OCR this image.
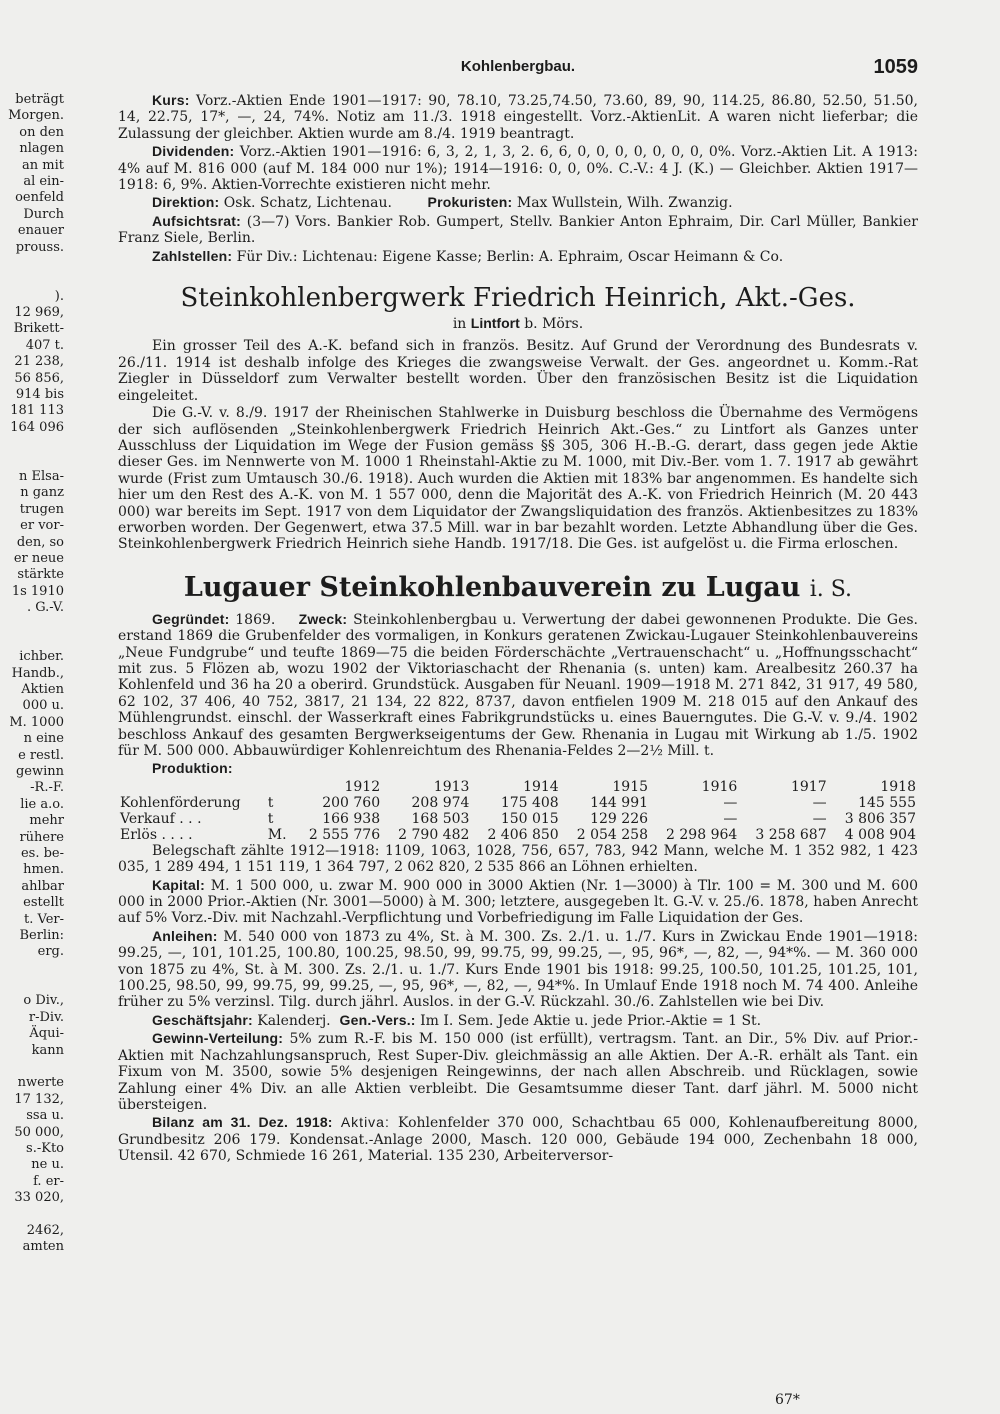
Kohlenbergbau.	1059
beträgt
Morgen.
on den
nlagen
an mit
al ein-
oenfeld
Durch
enauer
prouss.
).
12 969,
Brikett-
407 t.
21 238,
56 856,
914 bis
181 113
164 096
n Elsa-
n ganz
trugen
er vor-
den, so
er neue
stärkte
1s 1910
. G.-V.
ichber.
Handb.,
Aktien
000 u.
M. 1000
n eine
e restl.
gewinn
-R.-F.
lie a.o.
mehr
rühere
es. be-
hmen.
ahlbar
estellt
t. Ver-
Berlin:
erg.
o Div.,
r-Div.
Äqui-
kann
nwerte
17 132,
ssa u.
50 000,
s.-Kto
ne u.
f. er-
33 020,
2462,
amten

Kurs: Vorz.-Aktien Ende 1901—1917: 90, 78.10, 73.25,74.50, 73.60, 89, 90, 114.25, 86.80, 52.50, 51.50, 14, 22.75, 17*, —, 24, 74%. Notiz am 11./3. 1918 eingestellt. Vorz.-AktienLit. A waren nicht lieferbar; die Zulassung der gleichber. Aktien wurde am 8./4. 1919 beantragt.

Dividenden: Vorz.-Aktien 1901—1916: 6, 3, 2, 1, 3, 2. 6, 6, 0, 0, 0, 0, 0, 0, 0, 0%. Vorz.-Aktien Lit. A 1913: 4% auf M. 816 000 (auf M. 184 000 nur 1%); 1914—1916: 0, 0, 0%. C.-V.: 4 J. (K.) — Gleichber. Aktien 1917—1918: 6, 9%. Aktien-Vorrechte existieren nicht mehr.

Direktion: Osk. Schatz, Lichtenau.	Prokuristen: Max Wullstein, Wilh. Zwanzig.

Aufsichtsrat: (3—7) Vors. Bankier Rob. Gumpert, Stellv. Bankier Anton Ephraim, Dir. Carl Müller, Bankier Franz Siele, Berlin.

Zahlstellen: Für Div.: Lichtenau: Eigene Kasse; Berlin: A. Ephraim, Oscar Heimann & Co.

Steinkohlenbergwerk Friedrich Heinrich, Akt.-Ges.
in Lintfort b. Mörs.

Ein grosser Teil des A.-K. befand sich in französ. Besitz. Auf Grund der Verordnung des Bundesrats v. 26./11. 1914 ist deshalb infolge des Krieges die zwangsweise Verwalt. der Ges. angeordnet u. Komm.-Rat Ziegler in Düsseldorf zum Verwalter bestellt worden. Über den französischen Besitz ist die Liquidation eingeleitet.

Die G.-V. v. 8./9. 1917 der Rheinischen Stahlwerke in Duisburg beschloss die Übernahme des Vermögens der sich auflösenden „Steinkohlenbergwerk Friedrich Heinrich Akt.-Ges.“ zu Lintfort als Ganzes unter Ausschluss der Liquidation im Wege der Fusion gemäss §§ 305, 306 H.-B.-G. derart, dass gegen jede Aktie dieser Ges. im Nennwerte von M. 1000 1 Rheinstahl-Aktie zu M. 1000, mit Div.-Ber. vom 1. 7. 1917 ab gewährt wurde (Frist zum Umtausch 30./6. 1918). Auch wurden die Aktien mit 183% bar angenommen. Es handelte sich hier um den Rest des A.-K. von M. 1 557 000, denn die Majorität des A.-K. von Friedrich Heinrich (M. 20 443 000) war bereits im Sept. 1917 von dem Liquidator der Zwangsliquidation des französ. Aktienbesitzes zu 183% erworben worden. Der Gegenwert, etwa 37.5 Mill. war in bar bezahlt worden. Letzte Abhandlung über die Ges. Steinkohlenbergwerk Friedrich Heinrich siehe Handb. 1917/18. Die Ges. ist aufgelöst u. die Firma erloschen.

Lugauer Steinkohlenbauverein zu Lugau i. S.

Gegründet: 1869. Zweck: Steinkohlenbergbau u. Verwertung der dabei gewonnenen Produkte. Die Ges. erstand 1869 die Grubenfelder des vormaligen, in Konkurs geratenen Zwickau-Lugauer Steinkohlenbauvereins „Neue Fundgrube“ und teufte 1869—75 die beiden Förderschächte „Vertrauenschacht“ u. „Hoffnungsschacht“ mit zus. 5 Flözen ab, wozu 1902 der Viktoriaschacht der Rhenania (s. unten) kam. Arealbesitz 260.37 ha Kohlenfeld und 36 ha 20 a oberird. Grundstück. Ausgaben für Neuanl. 1909—1918 M. 271 842, 31 917, 49 580, 62 102, 37 406, 40 752, 3817, 21 134, 22 822, 8737, davon entfielen 1909 M. 218 015 auf den Ankauf des Mühlengrundst. einschl. der Wasserkraft eines Fabrikgrundstücks u. eines Bauerngutes. Die G.-V. v. 9./4. 1902 beschloss Ankauf des gesamten Bergwerkseigentums der Gew. Rhenania in Lugau mit Wirkung ab 1./5. 1902 für M. 500 000. Abbauwürdiger Kohlenreichtum des Rhenania-Feldes 2—2½ Mill. t.

Produktion:

		1912	1913	1914	1915	1916	1917	1918
Kohlenförderung	t	200 760	208 974	175 408	144 991	—	—	145 555
Verkauf . . .	t	166 938	168 503	150 015	129 226	—	—	3 806 357
Erlös . . . .	M.	2 555 776	2 790 482	2 406 850	2 054 258	2 298 964	3 258 687	4 008 904

Belegschaft zählte 1912—1918: 1109, 1063, 1028, 756, 657, 783, 942 Mann, welche M. 1 352 982, 1 423 035, 1 289 494, 1 151 119, 1 364 797, 2 062 820, 2 535 866 an Löhnen erhielten.

Kapital: M. 1 500 000, u. zwar M. 900 000 in 3000 Aktien (Nr. 1—3000) à Tlr. 100 = M. 300 und M. 600 000 in 2000 Prior.-Aktien (Nr. 3001—5000) à M. 300; letztere, ausgegeben lt. G.-V. v. 25./6. 1878, haben Anrecht auf 5% Vorz.-Div. mit Nachzahl.-Verpflichtung und Vorbefriedigung im Falle Liquidation der Ges.

Anleihen: M. 540 000 von 1873 zu 4%, St. à M. 300. Zs. 2./1. u. 1./7. Kurs in Zwickau Ende 1901—1918: 99.25, —, 101, 101.25, 100.80, 100.25, 98.50, 99, 99.75, 99, 99.25, —, 95, 96*, —, 82, —, 94*%. — M. 360 000 von 1875 zu 4%, St. à M. 300. Zs. 2./1. u. 1./7. Kurs Ende 1901 bis 1918: 99.25, 100.50, 101.25, 101.25, 101, 100.25, 98.50, 99, 99.75, 99, 99.25, —, 95, 96*, —, 82, —, 94*%. In Umlauf Ende 1918 noch M. 74 400. Anleihe früher zu 5% verzinsl. Tilg. durch jährl. Auslos. in der G.-V. Rückzahl. 30./6. Zahlstellen wie bei Div.

Geschäftsjahr: Kalenderj. Gen.-Vers.: Im I. Sem. Jede Aktie u. jede Prior.-Aktie = 1 St.

Gewinn-Verteilung: 5% zum R.-F. bis M. 150 000 (ist erfüllt), vertragsm. Tant. an Dir., 5% Div. auf Prior.-Aktien mit Nachzahlungsanspruch, Rest Super-Div. gleichmässig an alle Aktien. Der A.-R. erhält als Tant. ein Fixum von M. 3500, sowie 5% desjenigen Reingewinns, der nach allen Abschreib. und Rücklagen, sowie Zahlung einer 4% Div. an alle Aktien verbleibt. Die Gesamtsumme dieser Tant. darf jährl. M. 5000 nicht übersteigen.

Bilanz am 31. Dez. 1918: Aktiva: Kohlenfelder 370 000, Schachtbau 65 000, Kohlenaufbereitung 8000, Grundbesitz 206 179. Kondensat.-Anlage 2000, Masch. 120 000, Gebäude 194 000, Zechenbahn 18 000, Utensil. 42 670, Schmiede 16 261, Material. 135 230, Arbeiterversor-

67*
